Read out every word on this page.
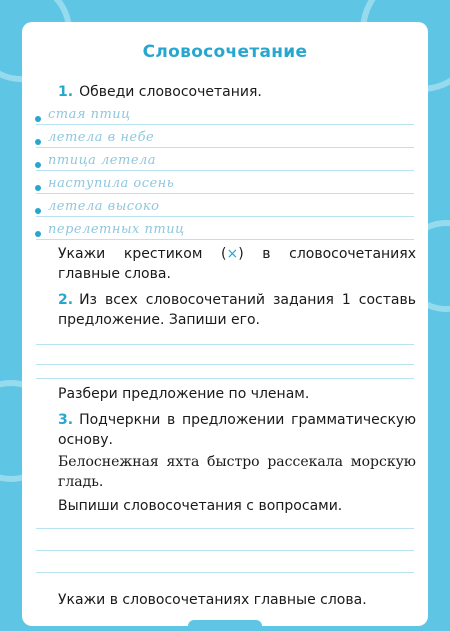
Словосочетание
1. Обведи словосочетания.
стая птиц
летела в небе
птица летела
наступила осень
летела высоко
перелетных птиц
Укажи крестиком (×) в словосочетаниях главные слова.
2. Из всех словосочетаний задания 1 составь предложение. Запиши его.
Разбери предложение по членам.
3. Подчеркни в предложении грамматическую основу.
Белоснежная яхта быстро рассекала морскую гладь.
Выпиши словосочетания с вопросами.
Укажи в словосочетаниях главные слова.
